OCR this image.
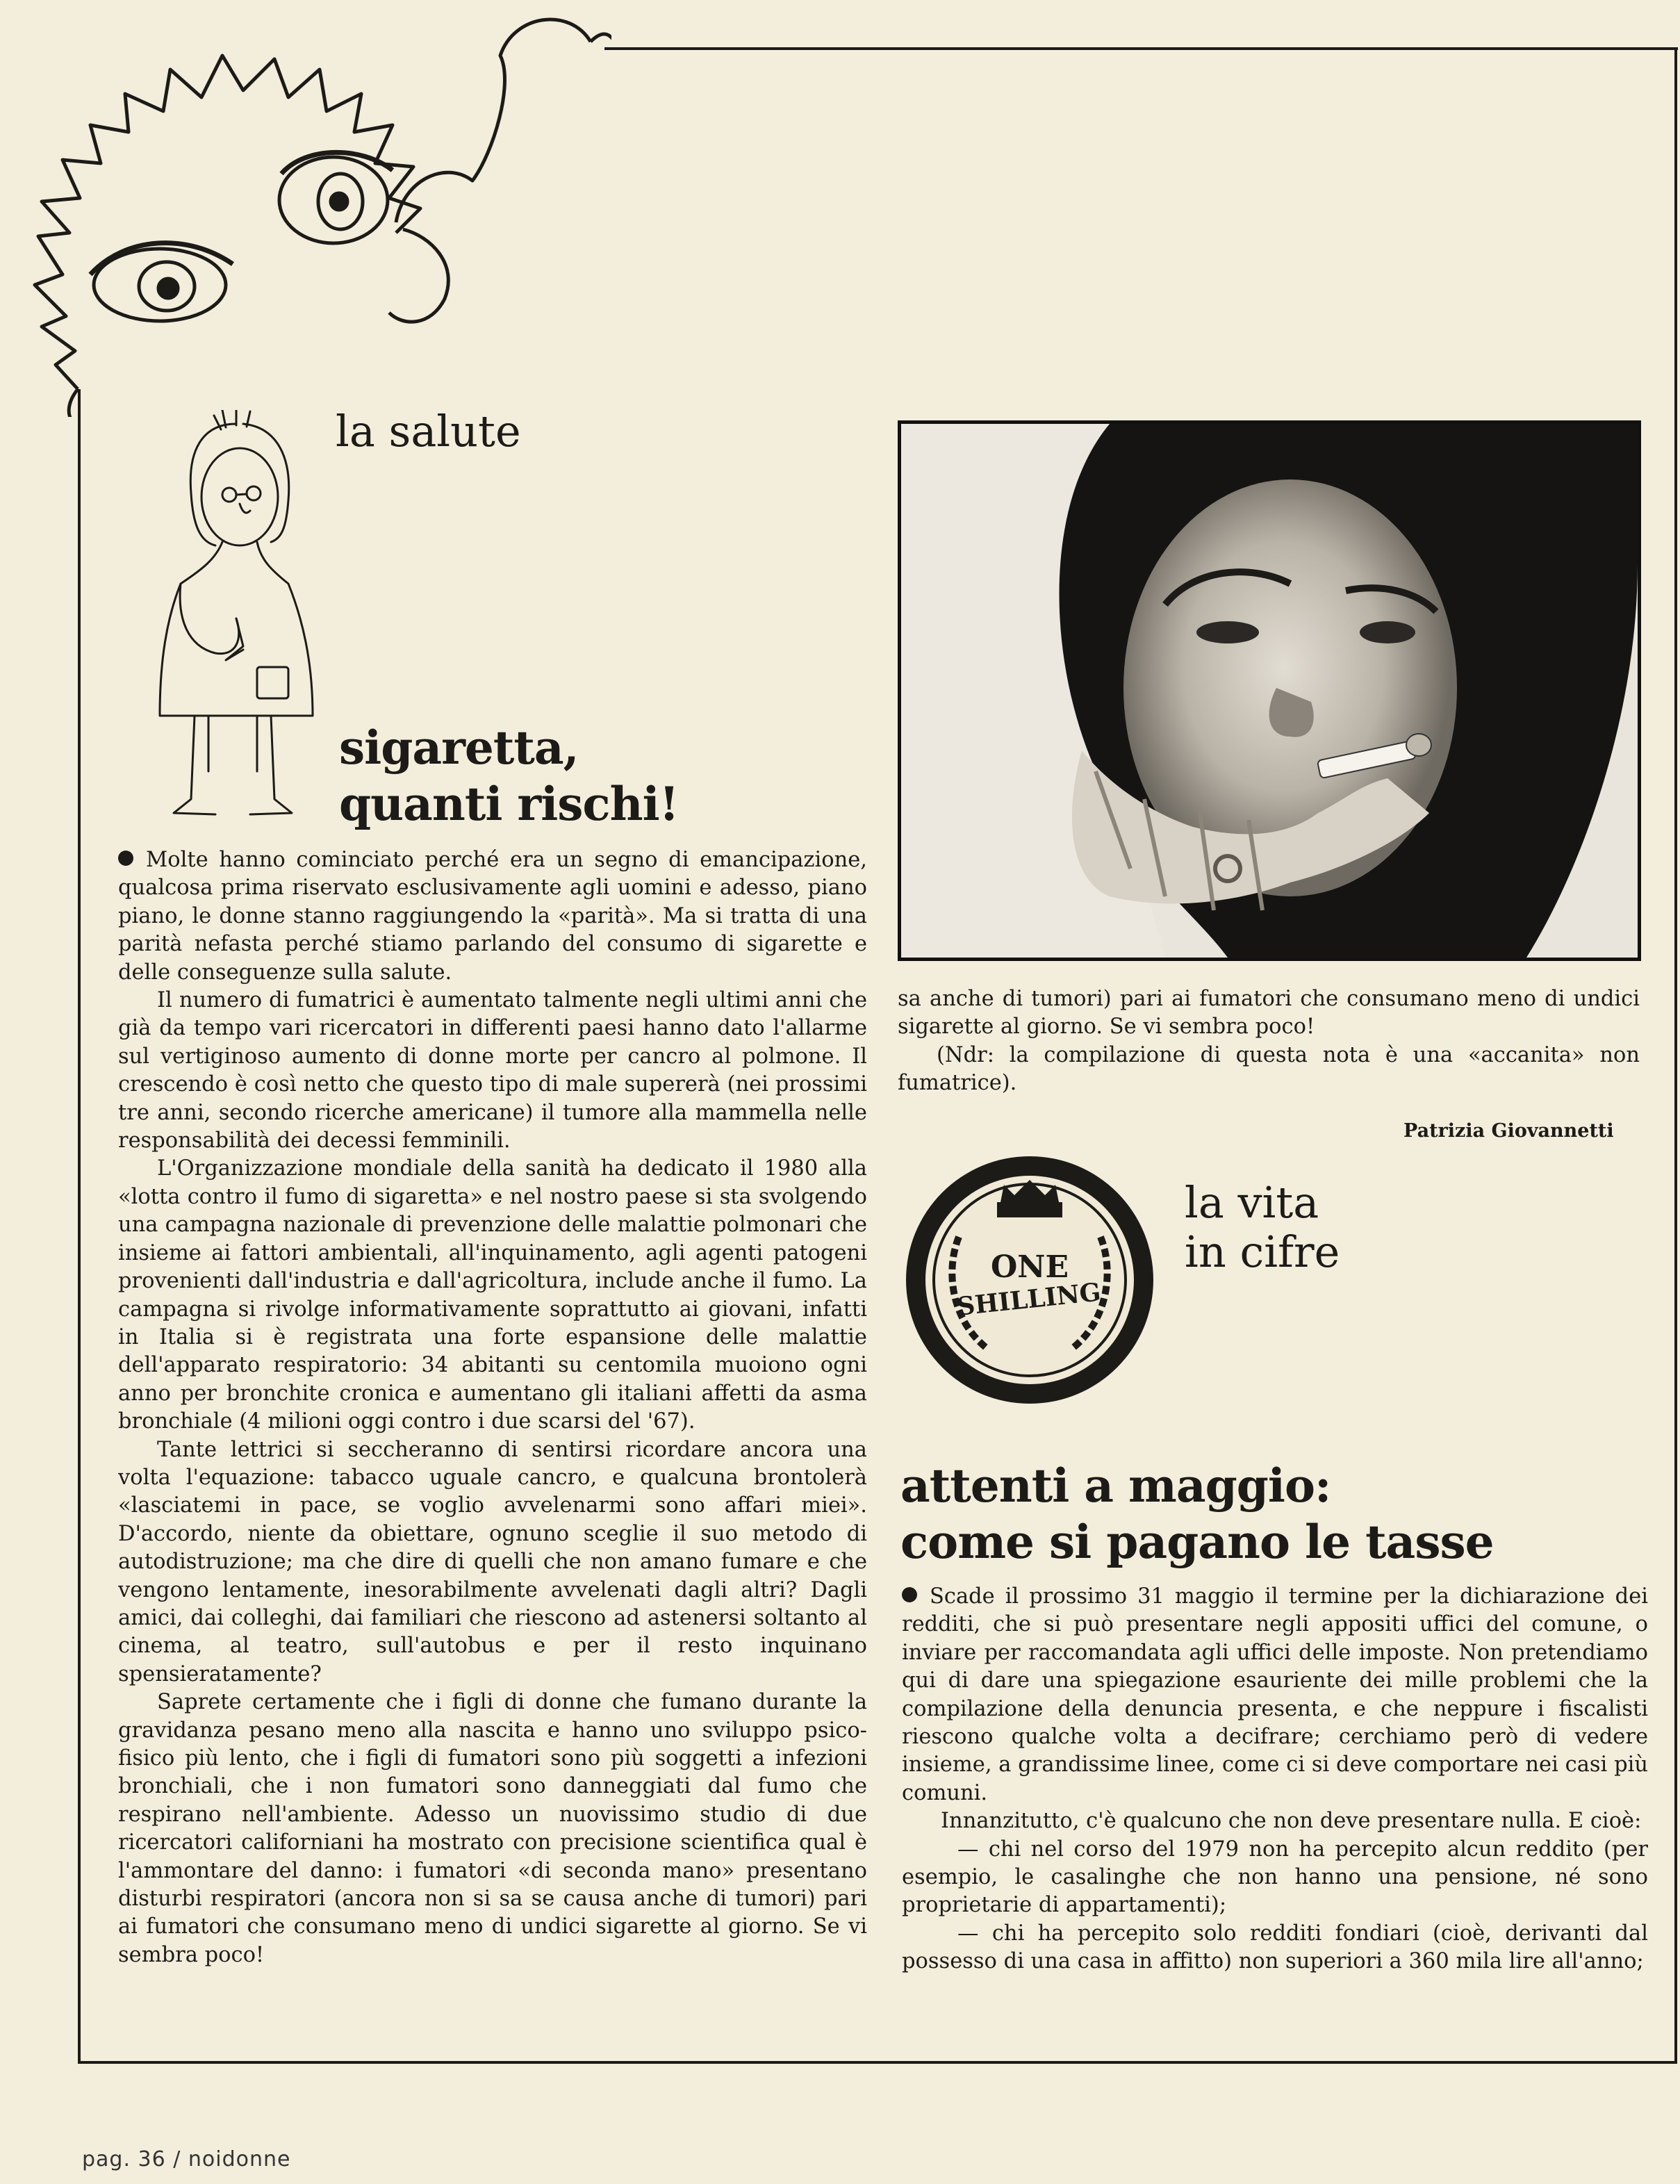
la salute
sigaretta, quanti rischi!

Molte hanno cominciato perché era un segno di emancipazione, qualcosa prima riservato esclusivamente agli uomini e adesso, piano piano, le donne stanno raggiungendo la «parità». Ma si tratta di una parità nefasta perché stiamo parlando del consumo di sigarette e delle conseguenze sulla salute.

Il numero di fumatrici è aumentato talmente negli ultimi anni che già da tempo vari ricercatori in differenti paesi hanno dato l'allarme sul vertiginoso aumento di donne morte per cancro al polmone. Il crescendo è così netto che questo tipo di male supererà (nei prossimi tre anni, secondo ricerche americane) il tumore alla mammella nelle responsabilità dei decessi femminili.

L'Organizzazione mondiale della sanità ha dedicato il 1980 alla «lotta contro il fumo di sigaretta» e nel nostro paese si sta svolgendo una campagna nazionale di prevenzione delle malattie polmonari che insieme ai fattori ambientali, all'inquinamento, agli agenti patogeni provenienti dall'industria e dall'agricoltura, include anche il fumo. La campagna si rivolge informativamente soprattutto ai giovani, infatti in Italia si è registrata una forte espansione delle malattie dell'apparato respiratorio: 34 abitanti su centomila muoiono ogni anno per bronchite cronica e aumentano gli italiani affetti da asma bronchiale (4 milioni oggi contro i due scarsi del '67).

Tante lettrici si seccheranno di sentirsi ricordare ancora una volta l'equazione: tabacco uguale cancro, e qualcuna brontolerà «lasciatemi in pace, se voglio avvelenarmi sono affari miei». D'accordo, niente da obiettare, ognuno sceglie il suo metodo di autodistruzione; ma che dire di quelli che non amano fumare e che vengono lentamente, inesorabilmente avvelenati dagli altri? Dagli amici, dai colleghi, dai familiari che riescono ad astenersi soltanto al cinema, al teatro, sull'autobus e per il resto inquinano spensieratamente?

Saprete certamente che i figli di donne che fumano durante la gravidanza pesano meno alla nascita e hanno uno sviluppo psico-fisico più lento, che i figli di fumatori sono più soggetti a infezioni bronchiali, che i non fumatori sono danneggiati dal fumo che respirano nell'ambiente. Adesso un nuovissimo studio di due ricercatori californiani ha mostrato con precisione scientifica qual è l'ammontare del danno: i fumatori «di seconda mano» presentano disturbi respiratori (ancora non si sa se causa anche di tumori) pari ai fumatori che consumano meno di undici sigarette al giorno. Se vi sembra poco!

sa anche di tumori) pari ai fumatori che consumano meno di undici sigarette al giorno. Se vi sembra poco!

(Ndr: la compilazione di questa nota è una «accanita» non fumatrice).

Patrizia Giovannetti

ONE
SHILLING
la vita in cifre
attenti a maggio:
come si pagano le tasse

Scade il prossimo 31 maggio il termine per la dichiarazione dei redditi, che si può presentare negli appositi uffici del comune, o inviare per raccomandata agli uffici delle imposte. Non pretendiamo qui di dare una spiegazione esauriente dei mille problemi che la compilazione della denuncia presenta, e che neppure i fiscalisti riescono qualche volta a decifrare; cerchiamo però di vedere insieme, a grandissime linee, come ci si deve comportare nei casi più comuni.

Innanzitutto, c'è qualcuno che non deve presentare nulla. E cioè:

— chi nel corso del 1979 non ha percepito alcun reddito (per esempio, le casalinghe che non hanno una pensione, né sono proprietarie di appartamenti);

— chi ha percepito solo redditi fondiari (cioè, derivanti dal possesso di una casa in affitto) non superiori a 360 mila lire all'anno;

pag. 36 / noidonne
